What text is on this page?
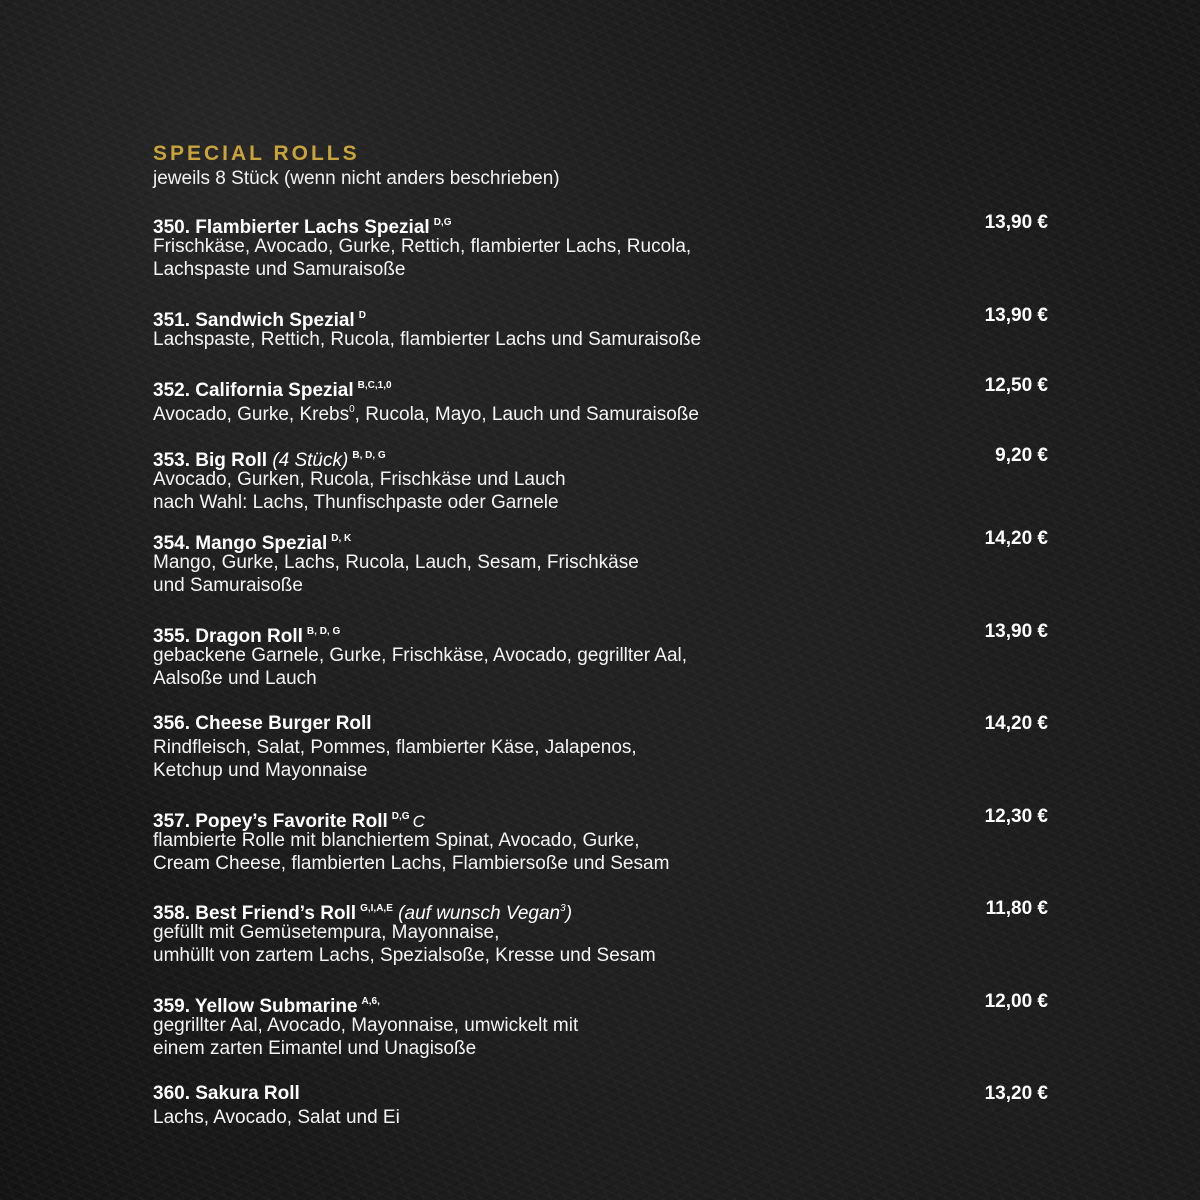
SPECIAL ROLLS

jeweils 8 Stück (wenn nicht anders beschrieben)

350. Flambierter Lachs Spezial $^{D,G}$	13,90 €
Frischkäse, Avocado, Gurke, Rettich, flambierter Lachs, Rucola,
Lachspaste und Samuraisoße
351. Sandwich Spezial $^D$	13,90 €
Lachspaste, Rettich, Rucola, flambierter Lachs und Samuraisoße
352. California Spezial $^{B,C,1,0}$	12,50 €
Avocado, Gurke, Krebs$^0$, Rucola, Mayo, Lauch und Samuraisoße
353. Big Roll (4 Stück) $^{B, D, G}$	9,20 €
Avocado, Gurken, Rucola, Frischkäse und Lauch
nach Wahl: Lachs, Thunfischpaste oder Garnele
354. Mango Spezial $^{D, K}$	14,20 €
Mango, Gurke, Lachs, Rucola, Lauch, Sesam, Frischkäse
und Samuraisoße
355. Dragon Roll $^{B, D, G}$	13,90 €
gebackene Garnele, Gurke, Frischkäse, Avocado, gegrillter Aal,
Aalsoße und Lauch
356. Cheese Burger Roll	14,20 €
Rindfleisch, Salat, Pommes, flambierter Käse, Jalapenos,
Ketchup und Mayonnaise
357. Popey’s Favorite Roll $^{D,G}$ C	12,30 €
flambierte Rolle mit blanchiertem Spinat, Avocado, Gurke,
Cream Cheese, flambierten Lachs, Flambiersoße und Sesam
358. Best Friend’s Roll $^{G,I,A,E}$ (auf wunsch Vegan$^3$)	11,80 €
gefüllt mit Gemüsetempura, Mayonnaise,
umhüllt von zartem Lachs, Spezialsoße, Kresse und Sesam
359. Yellow Submarine $^{A,6,}$	12,00 €
gegrillter Aal, Avocado, Mayonnaise, umwickelt mit
einem zarten Eimantel und Unagisoße
360. Sakura Roll	13,20 €
Lachs, Avocado, Salat und Ei
